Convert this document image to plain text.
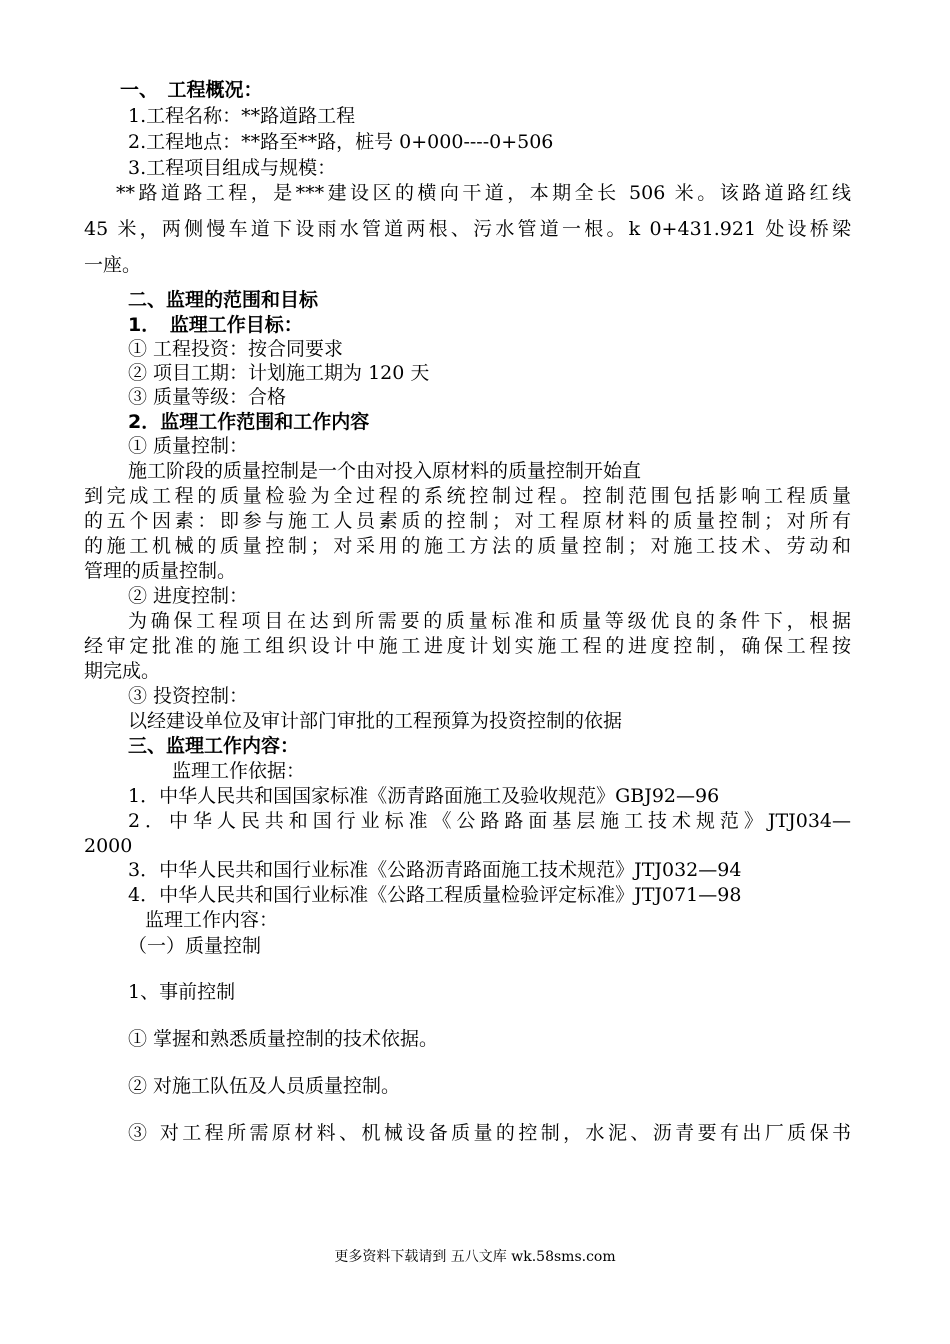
一、　工程概况：
1.工程名称：**路道路工程
2.工程地点：**路至**路，桩号 0+000----0+506
3.工程项目组成与规模：
**路道路工程，是***建设区的横向干道，本期全长 506 米。该路道路红线
45 米，两侧慢车道下设雨水管道两根、污水管道一根。k 0+431.921 处设桥梁
一座。
二、监理的范围和目标
1．　监理工作目标：
① 工程投资：按合同要求
② 项目工期：计划施工期为 120 天
③ 质量等级：合格
2．监理工作范围和工作内容
① 质量控制：
施工阶段的质量控制是一个由对投入原材料的质量控制开始直
到完成工程的质量检验为全过程的系统控制过程。控制范围包括影响工程质量
的五个因素：即参与施工人员素质的控制；对工程原材料的质量控制；对所有
的施工机械的质量控制；对采用的施工方法的质量控制；对施工技术、劳动和
管理的质量控制。
② 进度控制：
为确保工程项目在达到所需要的质量标准和质量等级优良的条件下，根据
经审定批准的施工组织设计中施工进度计划实施工程的进度控制，确保工程按
期完成。
③ 投资控制：
以经建设单位及审计部门审批的工程预算为投资控制的依据
三、监理工作内容：
监理工作依据：
1．中华人民共和国国家标准《沥青路面施工及验收规范》GBJ92—96
2．中华人民共和国行业标准《公路路面基层施工技术规范》JTJ034—
2000
3．中华人民共和国行业标准《公路沥青路面施工技术规范》JTJ032—94
4．中华人民共和国行业标准《公路工程质量检验评定标准》JTJ071—98
监理工作内容：
（一）质量控制
1、事前控制
① 掌握和熟悉质量控制的技术依据。
② 对施工队伍及人员质量控制。
③ 对工程所需原材料、机械设备质量的控制，水泥、沥青要有出厂质保书
更多资料下载请到 五八文库 wk.58sms.com
